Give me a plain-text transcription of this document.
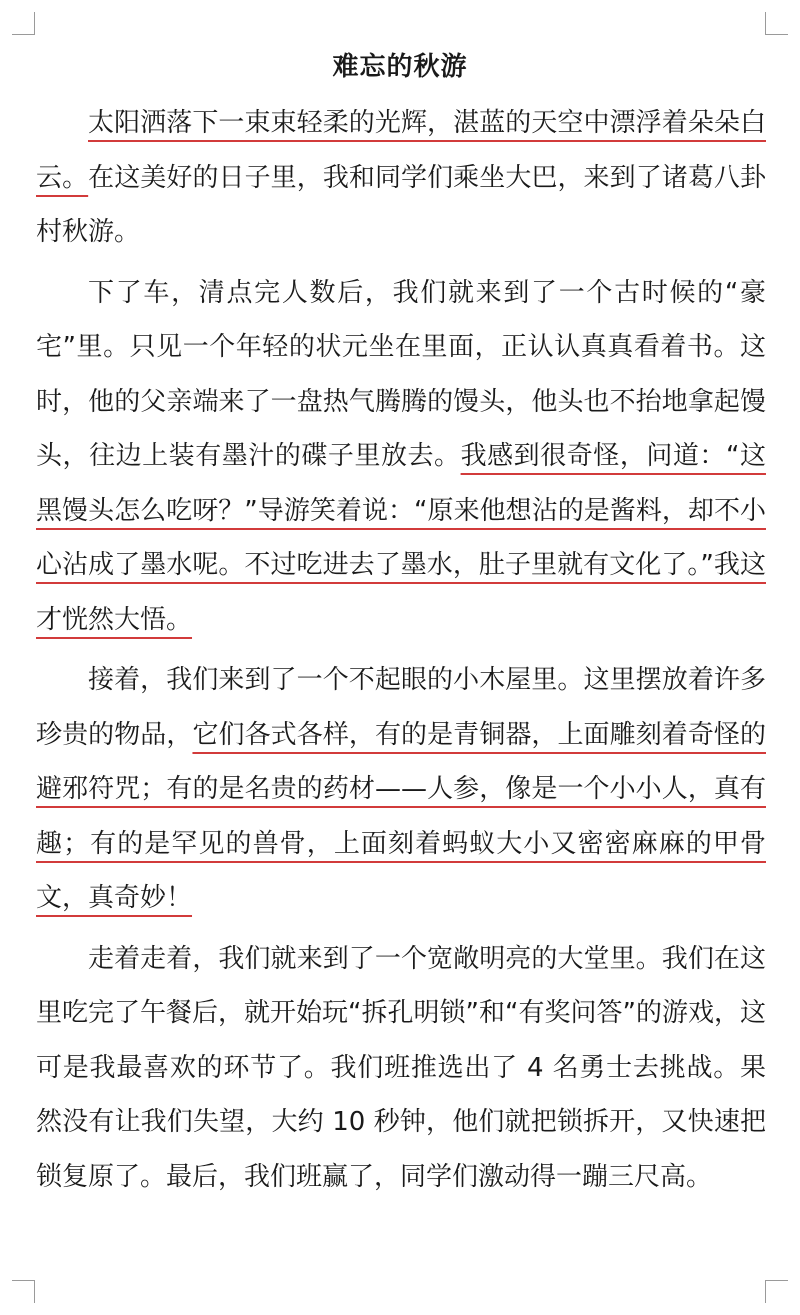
难忘的秋游

太阳洒落下一束束轻柔的光辉，湛蓝的天空中漂浮着朵朵白云。在这美好的日子里，我和同学们乘坐大巴，来到了诸葛八卦村秋游。

下了车，清点完人数后，我们就来到了一个古时候的“豪宅”里。只见一个年轻的状元坐在里面，正认认真真看着书。这时，他的父亲端来了一盘热气腾腾的馒头，他头也不抬地拿起馒头，往边上装有墨汁的碟子里放去。我感到很奇怪，问道：“这黑馒头怎么吃呀？”导游笑着说：“原来他想沾的是酱料，却不小心沾成了墨水呢。不过吃进去了墨水，肚子里就有文化了。”我这才恍然大悟。

接着，我们来到了一个不起眼的小木屋里。这里摆放着许多珍贵的物品，它们各式各样，有的是青铜器，上面雕刻着奇怪的避邪符咒；有的是名贵的药材——人参，像是一个小小人，真有趣；有的是罕见的兽骨，上面刻着蚂蚁大小又密密麻麻的甲骨文，真奇妙！

走着走着，我们就来到了一个宽敞明亮的大堂里。我们在这里吃完了午餐后，就开始玩“拆孔明锁”和“有奖问答”的游戏，这可是我最喜欢的环节了。我们班推选出了 4 名勇士去挑战。果然没有让我们失望，大约 10 秒钟，他们就把锁拆开，又快速把锁复原了。最后，我们班赢了，同学们激动得一蹦三尺高。
